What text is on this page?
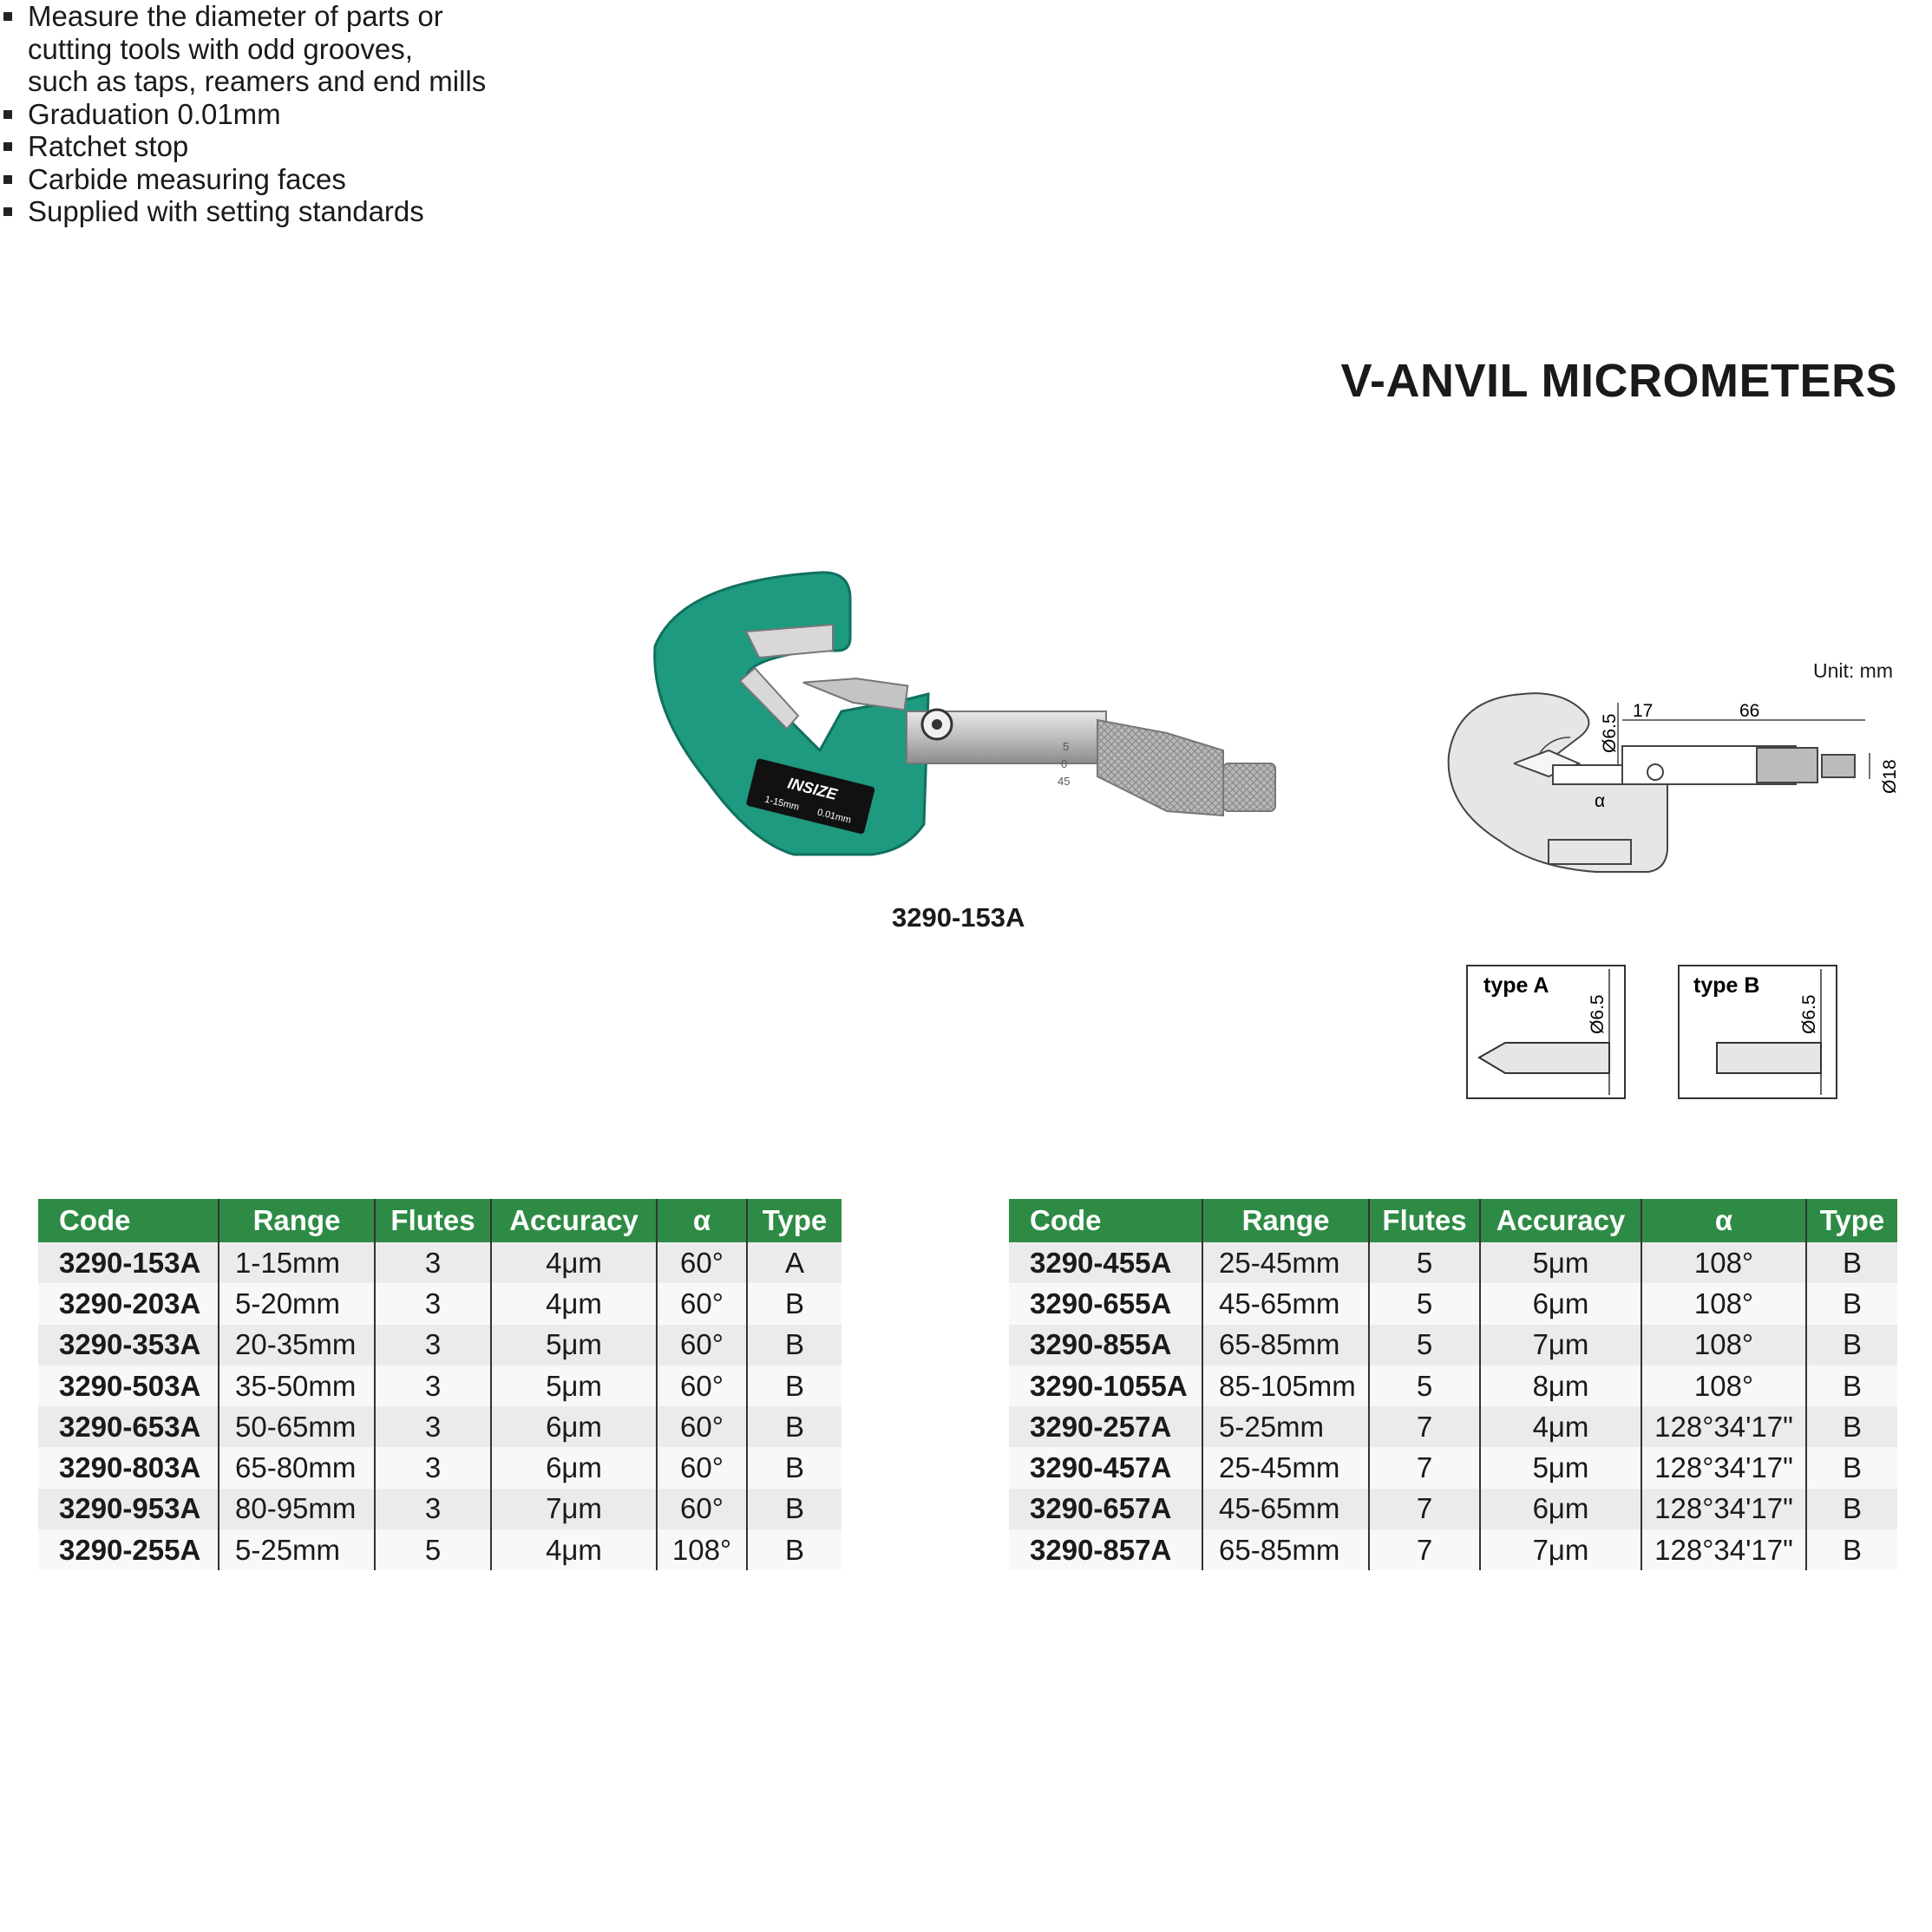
V-ANVIL MICROMETERS
Measure the diameter of parts or
cutting tools with odd grooves,
such as taps, reamers and end mills
Graduation 0.01mm
Ratchet stop
Carbide measuring faces
Supplied with setting standards
INSIZE
1-15mm
0.01mm
5
0
45
3290-153A
Unit: mm
Ø6.5
17	66
Ø18
α
type A
Ø6.5
type B
Ø6.5
Code	Range	Flutes	Accuracy	α	Type
3290-153A	1-15mm	3	4μm	60°	A
3290-203A	5-20mm	3	4μm	60°	B
3290-353A	20-35mm	3	5μm	60°	B
3290-503A	35-50mm	3	5μm	60°	B
3290-653A	50-65mm	3	6μm	60°	B
3290-803A	65-80mm	3	6μm	60°	B
3290-953A	80-95mm	3	7μm	60°	B
3290-255A	5-25mm	5	4μm	108°	B
Code	Range	Flutes	Accuracy	α	Type
3290-455A	25-45mm	5	5μm	108°	B
3290-655A	45-65mm	5	6μm	108°	B
3290-855A	65-85mm	5	7μm	108°	B
3290-1055A	85-105mm	5	8μm	108°	B
3290-257A	5-25mm	7	4μm	128°34'17"	B
3290-457A	25-45mm	7	5μm	128°34'17"	B
3290-657A	45-65mm	7	6μm	128°34'17"	B
3290-857A	65-85mm	7	7μm	128°34'17"	B
